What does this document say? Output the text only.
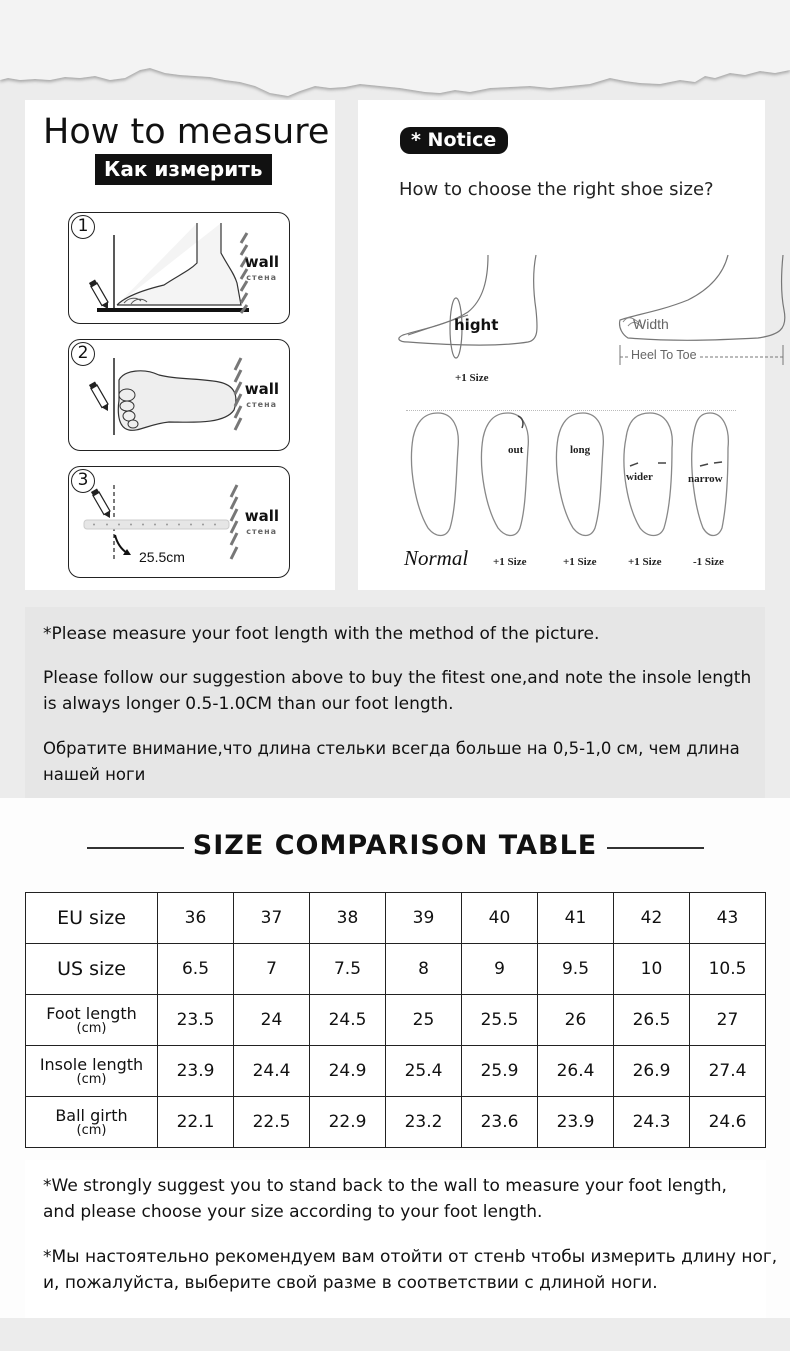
How to measure
Как измерить
1
wall
стена
2
wall
стена
3
25.5cm
wall
стена
* Notice
How to choose the right shoe size?
hight
+1 Size
Width
Heel To Toe
out	long
wider	narrow
Normal +1 Size	+1 Size	+1 Size	-1 Size
*Please measure your foot length with the method of the picture.
Please follow our suggestion above to buy the fitest one,and note the insole length is always longer 0.5-1.0CM than our foot length.
Обратите внимание,что длина стельки всегда больше на 0,5-1,0 см, чем длина нашей ноги
SIZE COMPARISON TABLE
EU size	36	37	38	39	40	41	42	43
US size	6.5	7	7.5	8	9	9.5	10	10.5
Foot length
(cm)	23.5	24	24.5	25	25.5	26	26.5	27
Insole length
(cm)	23.9	24.4	24.9	25.4	25.9	26.4	26.9	27.4
Ball girth
(cm)	22.1	22.5	22.9	23.2	23.6	23.9	24.3	24.6
*We strongly suggest you to stand back to the wall to measure your foot length,
and please choose your size according to your foot length.
*Мы настоятельно рекомендуем вам отойти от стенb чтобы измерить длину ног,
и, пожалуйста, выберите свой разме в соответствии с длиной ноги.
